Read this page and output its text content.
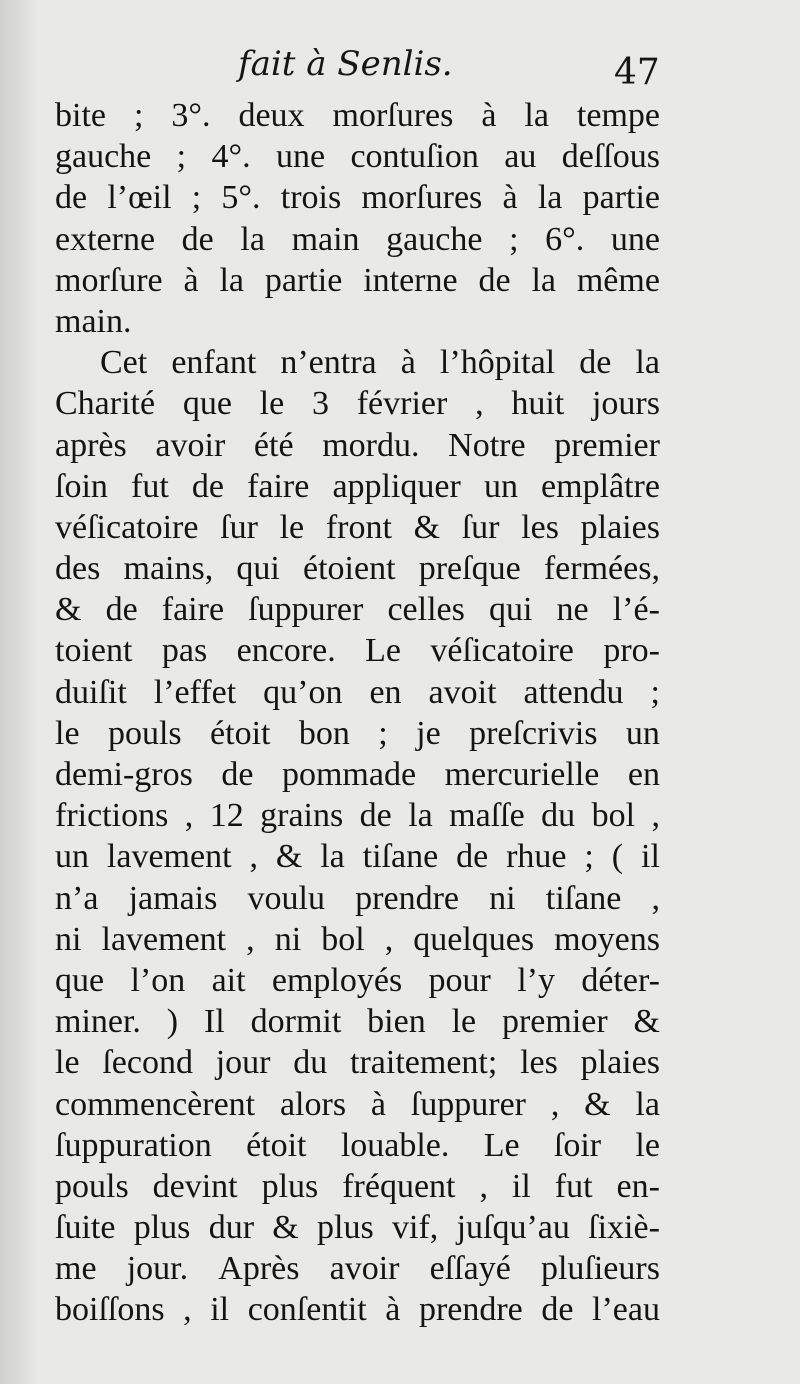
fait à Senlis.	47

bite ; 3°. deux morſures à la tempe
gauche ; 4°. une contuſion au deſſous
de l’œil ; 5°. trois morſures à la partie
externe de la main gauche ; 6°. une
morſure à la partie interne de la même
main.
Cet enfant n’entra à l’hôpital de la
Charité que le 3 février , huit jours
après avoir été mordu. Notre premier
ſoin fut de faire appliquer un emplâtre
véſicatoire ſur le front & ſur les plaies
des mains, qui étoient preſque fermées,
& de faire ſuppurer celles qui ne l’é-
toient pas encore. Le véſicatoire pro-
duiſit l’effet qu’on en avoit attendu ;
le pouls étoit bon ; je preſcrivis un
demi-gros de pommade mercurielle en
frictions , 12 grains de la maſſe du bol ,
un lavement , & la tiſane de rhue ; ( il
n’a jamais voulu prendre ni tiſane ,
ni lavement , ni bol , quelques moyens
que l’on ait employés pour l’y déter-
miner. ) Il dormit bien le premier &
le ſecond jour du traitement; les plaies
commencèrent alors à ſuppurer , & la
ſuppuration étoit louable. Le ſoir le
pouls devint plus fréquent , il fut en-
ſuite plus dur & plus vif, juſqu’au ſixiè-
me jour. Après avoir eſſayé pluſieurs
boiſſons , il conſentit à prendre de l’eau
